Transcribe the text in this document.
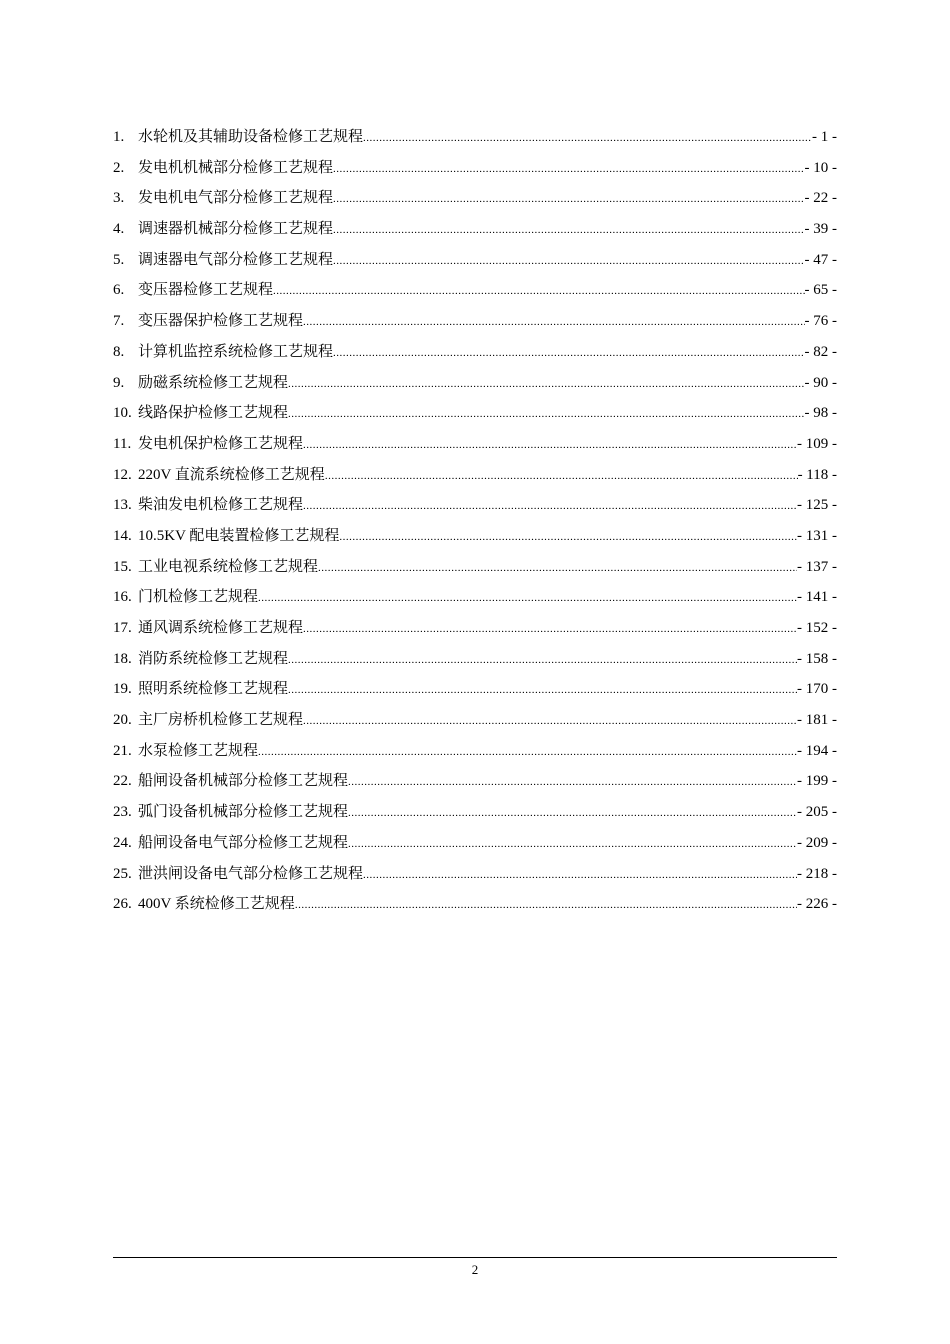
1. 水轮机及其辅助设备检修工艺规程 .....	- 1 -
2. 发电机机械部分检修工艺规程 .....	- 10 -
3. 发电机电气部分检修工艺规程 .....	- 22 -
4. 调速器机械部分检修工艺规程 .....	- 39 -
5. 调速器电气部分检修工艺规程 .....	- 47 -
6. 变压器检修工艺规程 .....	- 65 -
7. 变压器保护检修工艺规程 .....	- 76 -
8. 计算机监控系统检修工艺规程 .....	- 82 -
9. 励磁系统检修工艺规程 .....	- 90 -
10. 线路保护检修工艺规程 .....	- 98 -
11. 发电机保护检修工艺规程 .....	- 109 -
12. 220V 直流系统检修工艺规程 .....	- 118 -
13. 柴油发电机检修工艺规程 .....	- 125 -
14. 10.5KV 配电装置检修工艺规程 .....	- 131 -
15. 工业电视系统检修工艺规程 .....	- 137 -
16. 门机检修工艺规程 .....	- 141 -
17. 通风调系统检修工艺规程 .....	- 152 -
18. 消防系统检修工艺规程 .....	- 158 -
19. 照明系统检修工艺规程 .....	- 170 -
20. 主厂房桥机检修工艺规程 .....	- 181 -
21. 水泵检修工艺规程 .....	- 194 -
22. 船闸设备机械部分检修工艺规程 .....	- 199 -
23. 弧门设备机械部分检修工艺规程 .....	- 205 -
24. 船闸设备电气部分检修工艺规程 .....	- 209 -
25. 泄洪闸设备电气部分检修工艺规程 .....	- 218 -
26. 400V 系统检修工艺规程 .....	- 226 -
2
